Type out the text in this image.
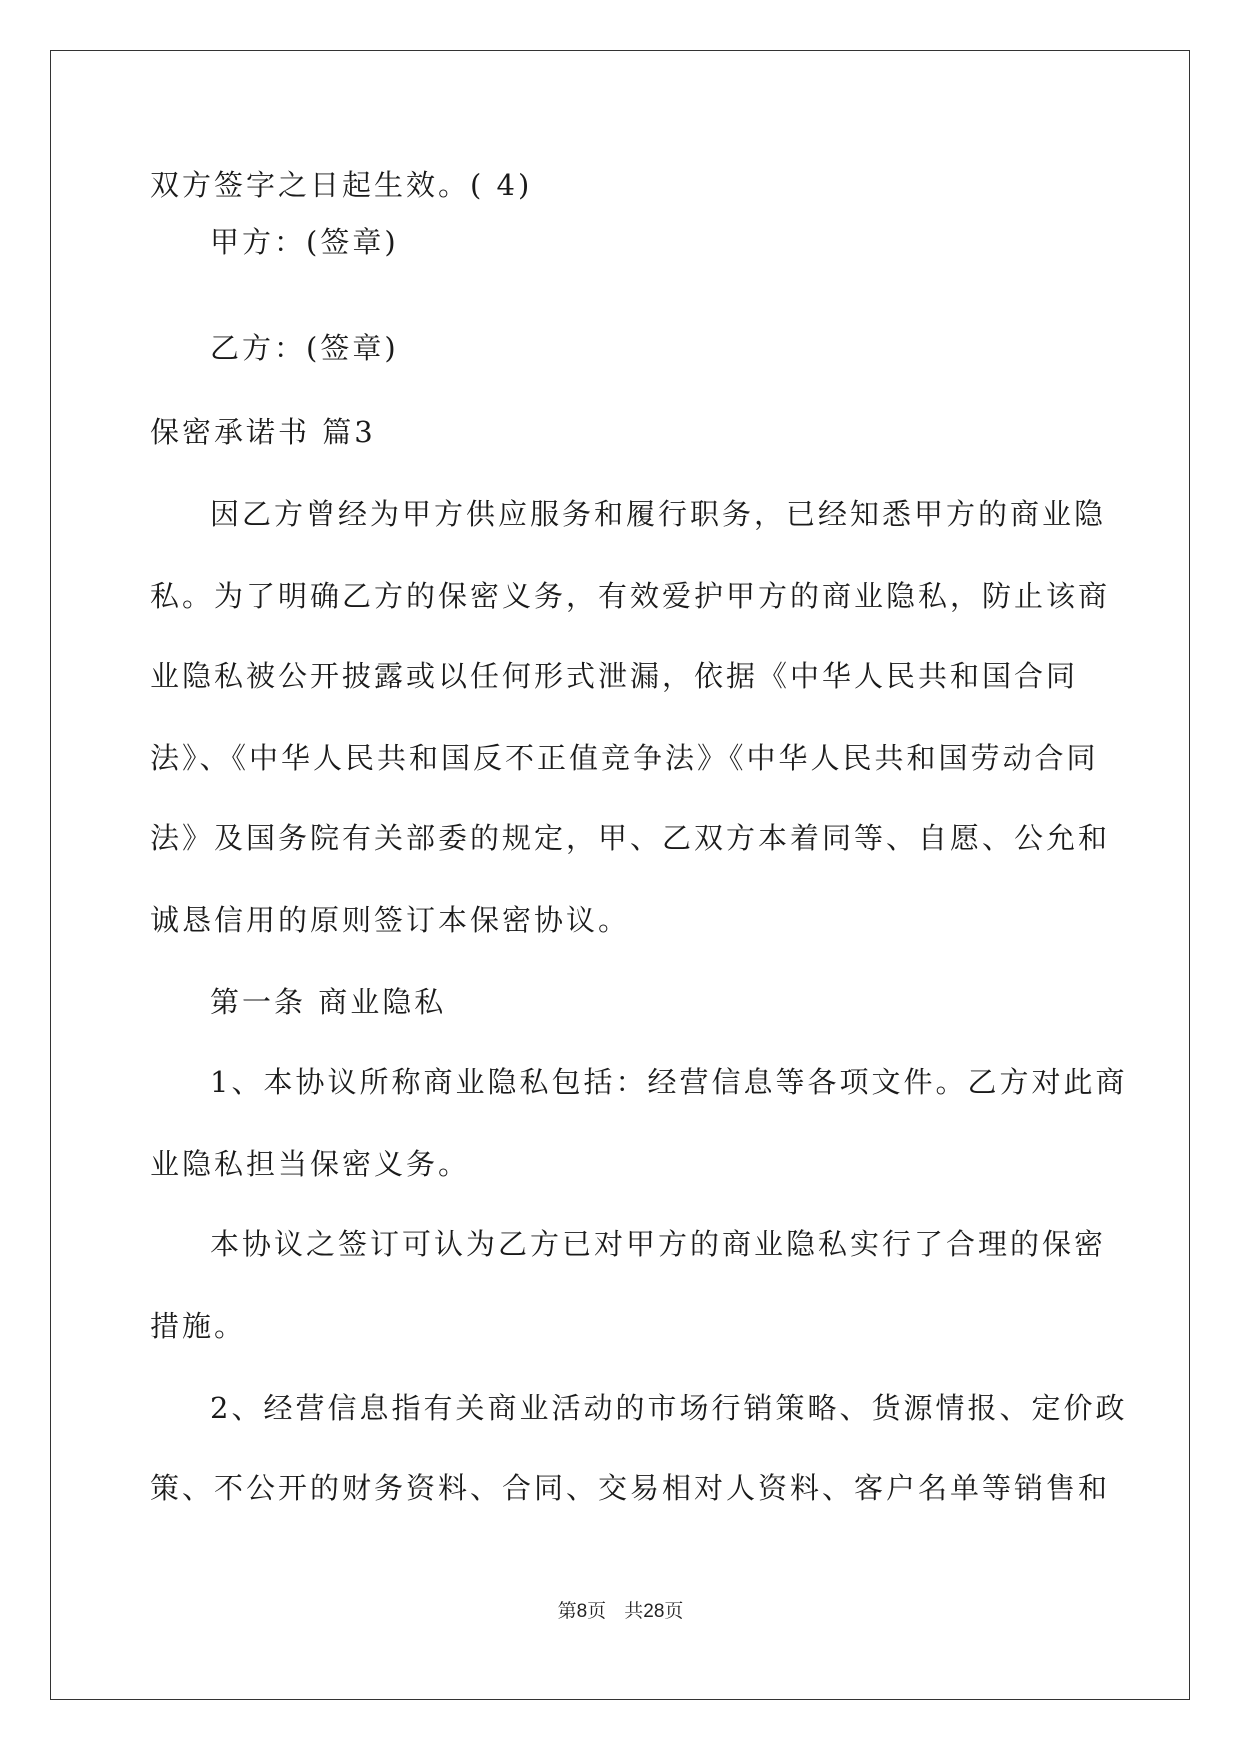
双方签字之日起生效。( 4)
甲方：(签章)
乙方：(签章)
保密承诺书 篇3
因乙方曾经为甲方供应服务和履行职务，已经知悉甲方的商业隐
私。为了明确乙方的保密义务，有效爱护甲方的商业隐私，防止该商
业隐私被公开披露或以任何形式泄漏，依据《中华人民共和国合同
法》、《中华人民共和国反不正值竞争法》《中华人民共和国劳动合同
法》及国务院有关部委的规定，甲、乙双方本着同等、自愿、公允和
诚恳信用的原则签订本保密协议。
第一条 商业隐私
1、本协议所称商业隐私包括：经营信息等各项文件。乙方对此商
业隐私担当保密义务。
本协议之签订可认为乙方已对甲方的商业隐私实行了合理的保密
措施。
2、经营信息指有关商业活动的市场行销策略、货源情报、定价政
策、不公开的财务资料、合同、交易相对人资料、客户名单等销售和
第8页   共28页
